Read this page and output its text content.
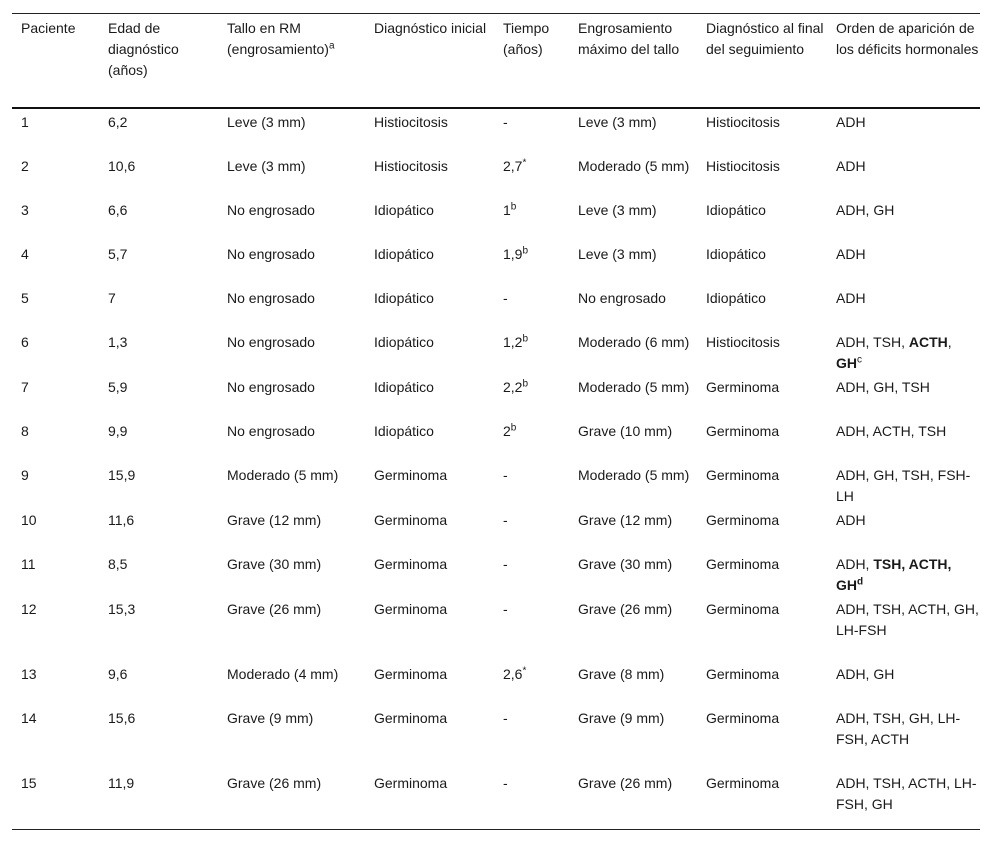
Paciente	Edad de diagnóstico (años)	Tallo en RM (engrosamiento)$^a$	Diagnóstico inicial	Tiempo (años)	Engrosamiento máximo del tallo	Diagnóstico al final del seguimiento	Orden de aparición de los déficits hormonales
1	6,2	Leve (3 mm)	Histiocitosis	-	Leve (3 mm)	Histiocitosis	ADH
2	10,6	Leve (3 mm)	Histiocitosis	2,7*	Moderado (5 mm)	Histiocitosis	ADH
3	6,6	No engrosado	Idiopático	1$^b$	Leve (3 mm)	Idiopático	ADH, GH
4	5,7	No engrosado	Idiopático	1,9$^b$	Leve (3 mm)	Idiopático	ADH
5	7	No engrosado	Idiopático	-	No engrosado	Idiopático	ADH
6	1,3	No engrosado	Idiopático	1,2$^b$	Moderado (6 mm)	Histiocitosis	ADH, TSH, ACTH, $GH^c$
7	5,9	No engrosado	Idiopático	2,2$^b$	Moderado (5 mm)	Germinoma	ADH, GH, TSH
8	9,9	No engrosado	Idiopático	2$^b$	Grave (10 mm)	Germinoma	ADH, ACTH, TSH
9	15,9	Moderado (5 mm)	Germinoma	-	Moderado (5 mm)	Germinoma	ADH, GH, TSH, FSH-LH
10	11,6	Grave (12 mm)	Germinoma	-	Grave (12 mm)	Germinoma	ADH
11	8,5	Grave (30 mm)	Germinoma	-	Grave (30 mm)	Germinoma	ADH, TSH, ACTH, $GH^d$
12	15,3	Grave (26 mm)	Germinoma	-	Grave (26 mm)	Germinoma	ADH, TSH, ACTH, GH, LH-FSH
13	9,6	Moderado (4 mm)	Germinoma	2,6*	Grave (8 mm)	Germinoma	ADH, GH
14	15,6	Grave (9 mm)	Germinoma	-	Grave (9 mm)	Germinoma	ADH, TSH, GH, LH-FSH, ACTH
15	11,9	Grave (26 mm)	Germinoma	-	Grave (26 mm)	Germinoma	ADH, TSH, ACTH, LH-FSH, GH
